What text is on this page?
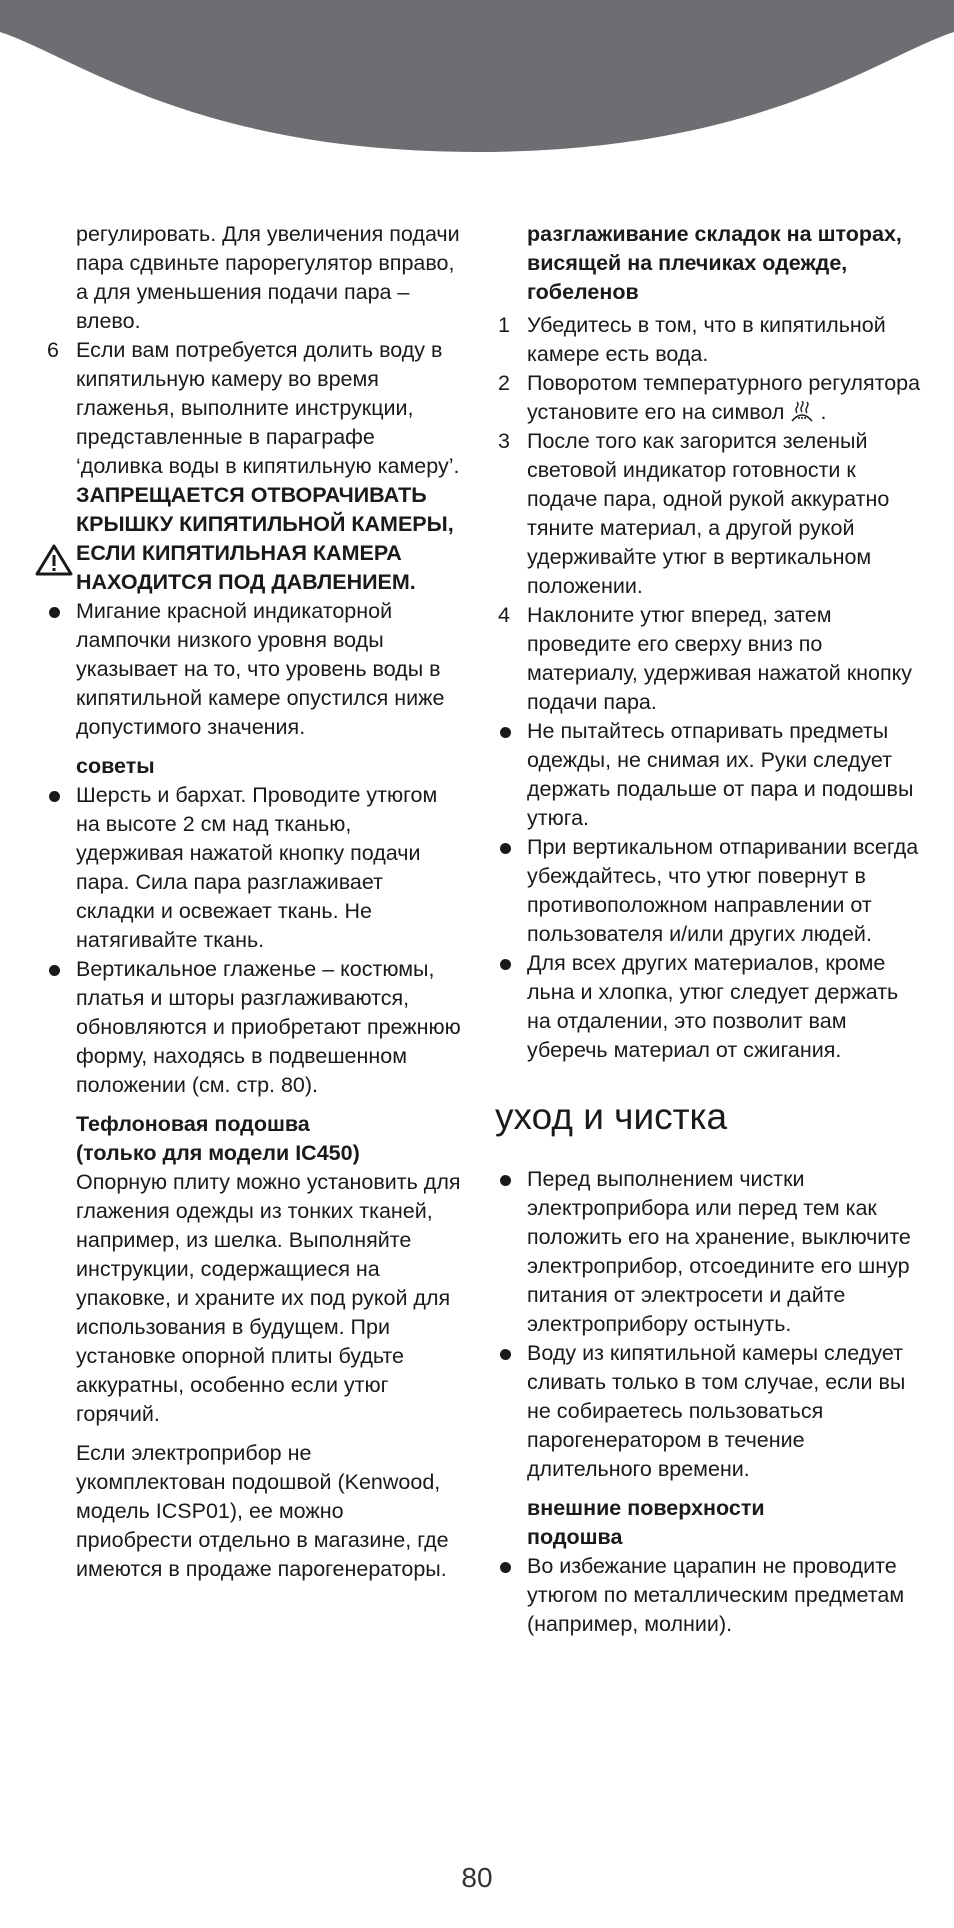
регулировать. Для увеличения подачи пара сдвиньте парорегулятор вправо, а для уменьшения подачи пара – влево.

6 Если вам потребуется долить воду в кипятильную камеру во время глаженья, выполните инструкции, представленные в параграфе ‘доливка воды в кипятильную камеру’.
ЗАПРЕЩАЕТСЯ ОТВОРАЧИВАТЬ КРЫШКУ КИПЯТИЛЬНОЙ КАМЕРЫ, ЕСЛИ КИПЯТИЛЬНАЯ КАМЕРА НАХОДИТСЯ ПОД ДАВЛЕНИЕМ.
Мигание красной индикаторной лампочки низкого уровня воды указывает на то, что уровень воды в кипятильной камере опустился ниже допустимого значения.

советы

Шерсть и бархат. Проводите утюгом на высоте 2 см над тканью, удерживая нажатой кнопку подачи пара. Сила пара разглаживает складки и освежает ткань. Не натягивайте ткань.
Вертикальное глаженье – костюмы, платья и шторы разглаживаются, обновляются и приобретают прежнюю форму, находясь в подвешенном положении (см. стр. 80).

Тефлоновая подошва
(только для модели IC450)

Опорную плиту можно установить для глажения одежды из тонких тканей, например, из шелка. Выполняйте инструкции, содержащиеся на упаковке, и храните их под рукой для использования в будущем. При установке опорной плиты будьте аккуратны, особенно если утюг горячий.

Если электроприбор не укомплектован подошвой (Kenwood, модель ICSP01), ее можно приобрести отдельно в магазине, где имеются в продаже парогенераторы.

разглаживание складок на шторах, висящей на плечиках одежде, гобеленов

1 Убедитесь в том, что в кипятильной камере есть вода.
2 Поворотом температурного регулятора установите его на символ .
3 После того как загорится зеленый световой индикатор готовности к подаче пара, одной рукой аккуратно тяните материал, а другой рукой удерживайте утюг в вертикальном положении.
4 Наклоните утюг вперед, затем проведите его сверху вниз по материалу, удерживая нажатой кнопку подачи пара.
Не пытайтесь отпаривать предметы одежды, не снимая их. Руки следует держать подальше от пара и подошвы утюга.
При вертикальном отпаривании всегда убеждайтесь, что утюг повернут в противоположном направлении от пользователя и/или других людей.
Для всех других материалов, кроме льна и хлопка, утюг следует держать на отдалении, это позволит вам уберечь материал от сжигания.
уход и чистка
Перед выполнением чистки электроприбора или перед тем как положить его на хранение, выключите электроприбор, отсоедините его шнур питания от электросети и дайте электроприбору остынуть.
Воду из кипятильной камеры следует сливать только в том случае, если вы не собираетесь пользоваться парогенератором в течение длительного времени.

внешние поверхности
подошва

Во избежание царапин не проводите утюгом по металлическим предметам (например, молнии).
80
